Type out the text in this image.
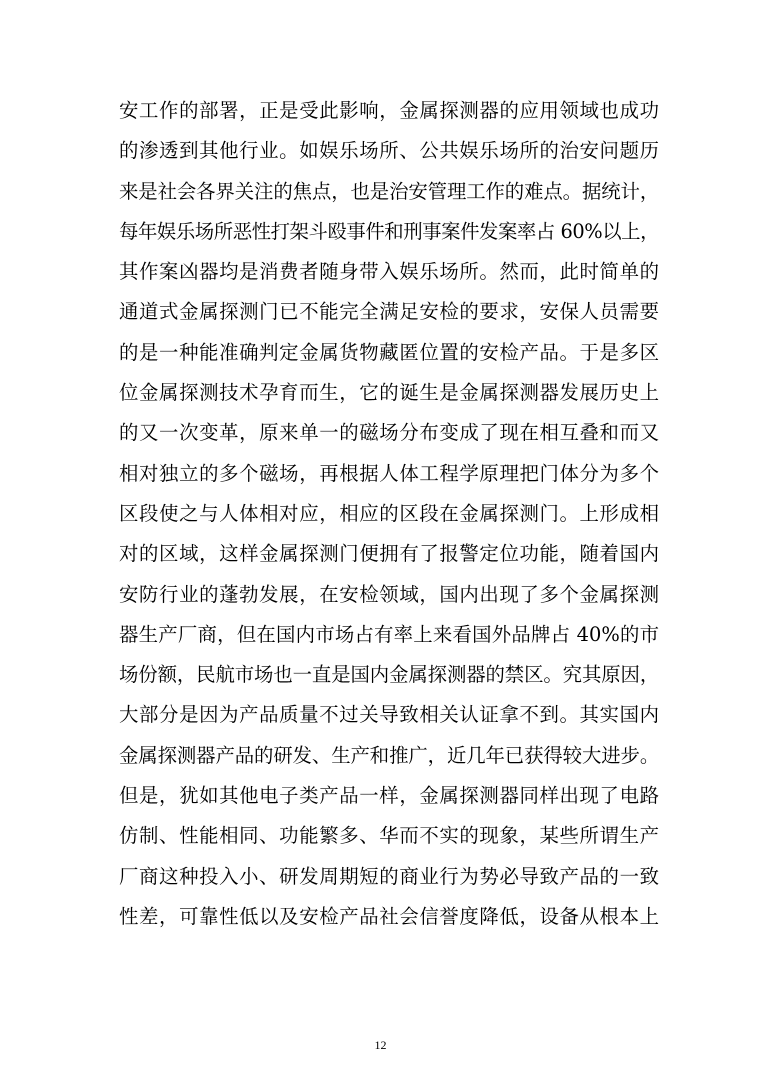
安工作的部署，正是受此影响，金属探测器的应用领域也成功
的渗透到其他行业。如娱乐场所、公共娱乐场所的治安问题历
来是社会各界关注的焦点，也是治安管理工作的难点。据统计，
每年娱乐场所恶性打架斗殴事件和刑事案件发案率占 60%以上，
其作案凶器均是消费者随身带入娱乐场所。然而，此时简单的
通道式金属探测门已不能完全满足安检的要求，安保人员需要
的是一种能准确判定金属货物藏匿位置的安检产品。于是多区
位金属探测技术孕育而生，它的诞生是金属探测器发展历史上
的又一次变革，原来单一的磁场分布变成了现在相互叠和而又
相对独立的多个磁场，再根据人体工程学原理把门体分为多个
区段使之与人体相对应，相应的区段在金属探测门。上形成相
对的区域，这样金属探测门便拥有了报警定位功能，随着国内
安防行业的蓬勃发展，在安检领域，国内出现了多个金属探测
器生产厂商，但在国内市场占有率上来看国外品牌占 40%的市
场份额，民航市场也一直是国内金属探测器的禁区。究其原因，
大部分是因为产品质量不过关导致相关认证拿不到。其实国内
金属探测器产品的研发、生产和推广，近几年已获得较大进步。
但是，犹如其他电子类产品一样，金属探测器同样出现了电路
仿制、性能相同、功能繁多、华而不实的现象，某些所谓生产
厂商这种投入小、研发周期短的商业行为势必导致产品的一致
性差，可靠性低以及安检产品社会信誉度降低，设备从根本上
12
